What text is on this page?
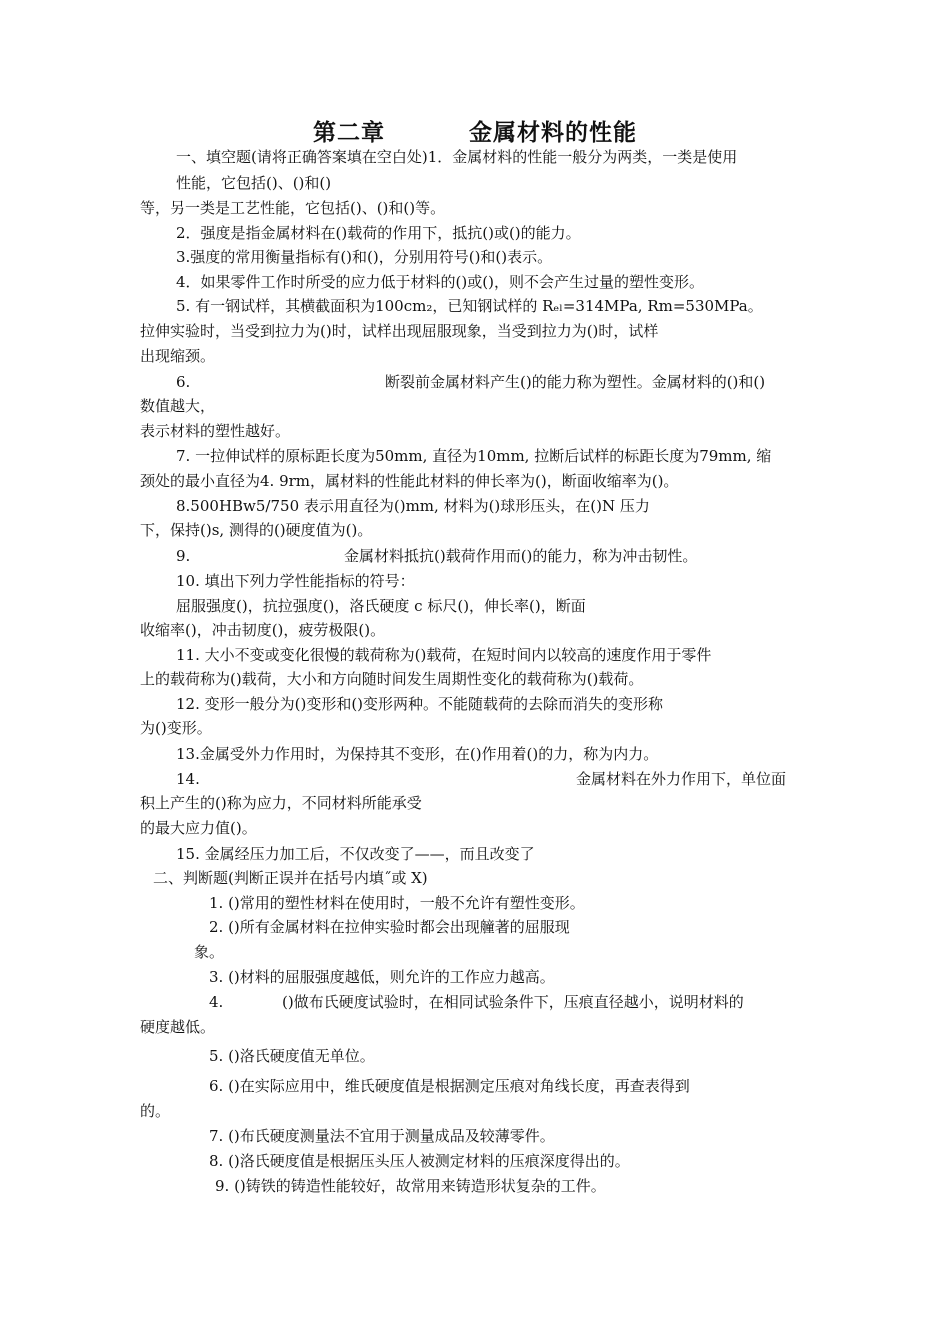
第二章	金属材料的性能
一、填空题(请将正确答案填在空白处)1．金属材料的性能一般分为两类，一类是使用
性能，它包括()、()和()
等，另一类是工艺性能，它包括()、()和()等。
2．强度是指金属材料在()载荷的作用下，抵抗()或()的能力。
3.强度的常用衡量指标有()和()，分别用符号()和()表示。
4．如果零件工作时所受的应力低于材料的()或()，则不会产生过量的塑性变形。
5. 有一钢试样，其横截面积为100cm₂，已知钢试样的 Rₑₗ=314MPa, Rm=530MPa。
拉伸实验时，当受到拉力为()时，试样出现屈服现象，当受到拉力为()时，试样
出现缩颈。
6.	断裂前金属材料产生()的能力称为塑性。金属材料的()和()
数值越大，
表示材料的塑性越好。
7. 一拉伸试样的原标距长度为50mm, 直径为10mm, 拉断后试样的标距长度为79mm, 缩
颈处的最小直径为4. 9rm，属材料的性能此材料的伸长率为()，断面收缩率为()。
8.500HBw5/750 表示用直径为()mm, 材料为()球形压头，在()N 压力
下，保持()s, 测得的()硬度值为()。
9.	金属材料抵抗()载荷作用而()的能力，称为冲击韧性。
10. 填出下列力学性能指标的符号：
屈服强度()，抗拉强度()，洛氏硬度 c 标尺()，伸长率()，断面
收缩率()，冲击韧度()，疲劳极限()。
11. 大小不变或变化很慢的载荷称为()载荷，在短时间内以较高的速度作用于零件
上的载荷称为()载荷，大小和方向随时间发生周期性变化的载荷称为()载荷。
12. 变形一般分为()变形和()变形两种。不能随载荷的去除而消失的变形称
为()变形。
13.金属受外力作用时，为保持其不变形，在()作用着()的力，称为内力。
14.	金属材料在外力作用下，单位面
积上产生的()称为应力，不同材料所能承受
的最大应力值()。
15. 金属经压力加工后，不仅改变了——，而且改变了
二、判断题(判断正误并在括号内填˝或 X)
1. ()常用的塑性材料在使用时，一般不允许有塑性变形。
2. ()所有金属材料在拉伸实验时都会出现艟著的屈服现
象。
3. ()材料的屈服强度越低，则允许的工作应力越高。
4.	()做布氏硬度试验时，在相同试验条件下，压痕直径越小，说明材料的
硬度越低。
5. ()洛氏硬度值无单位。
6. ()在实际应用中，维氏硬度值是根据测定压痕对角线长度，再查表得到
的。
7. ()布氏硬度测量法不宜用于测量成品及较薄零件。
8. ()洛氏硬度值是根据压头压人被测定材料的压痕深度得出的。
9. ()铸铁的铸造性能较好，故常用来铸造形状复杂的工件。
